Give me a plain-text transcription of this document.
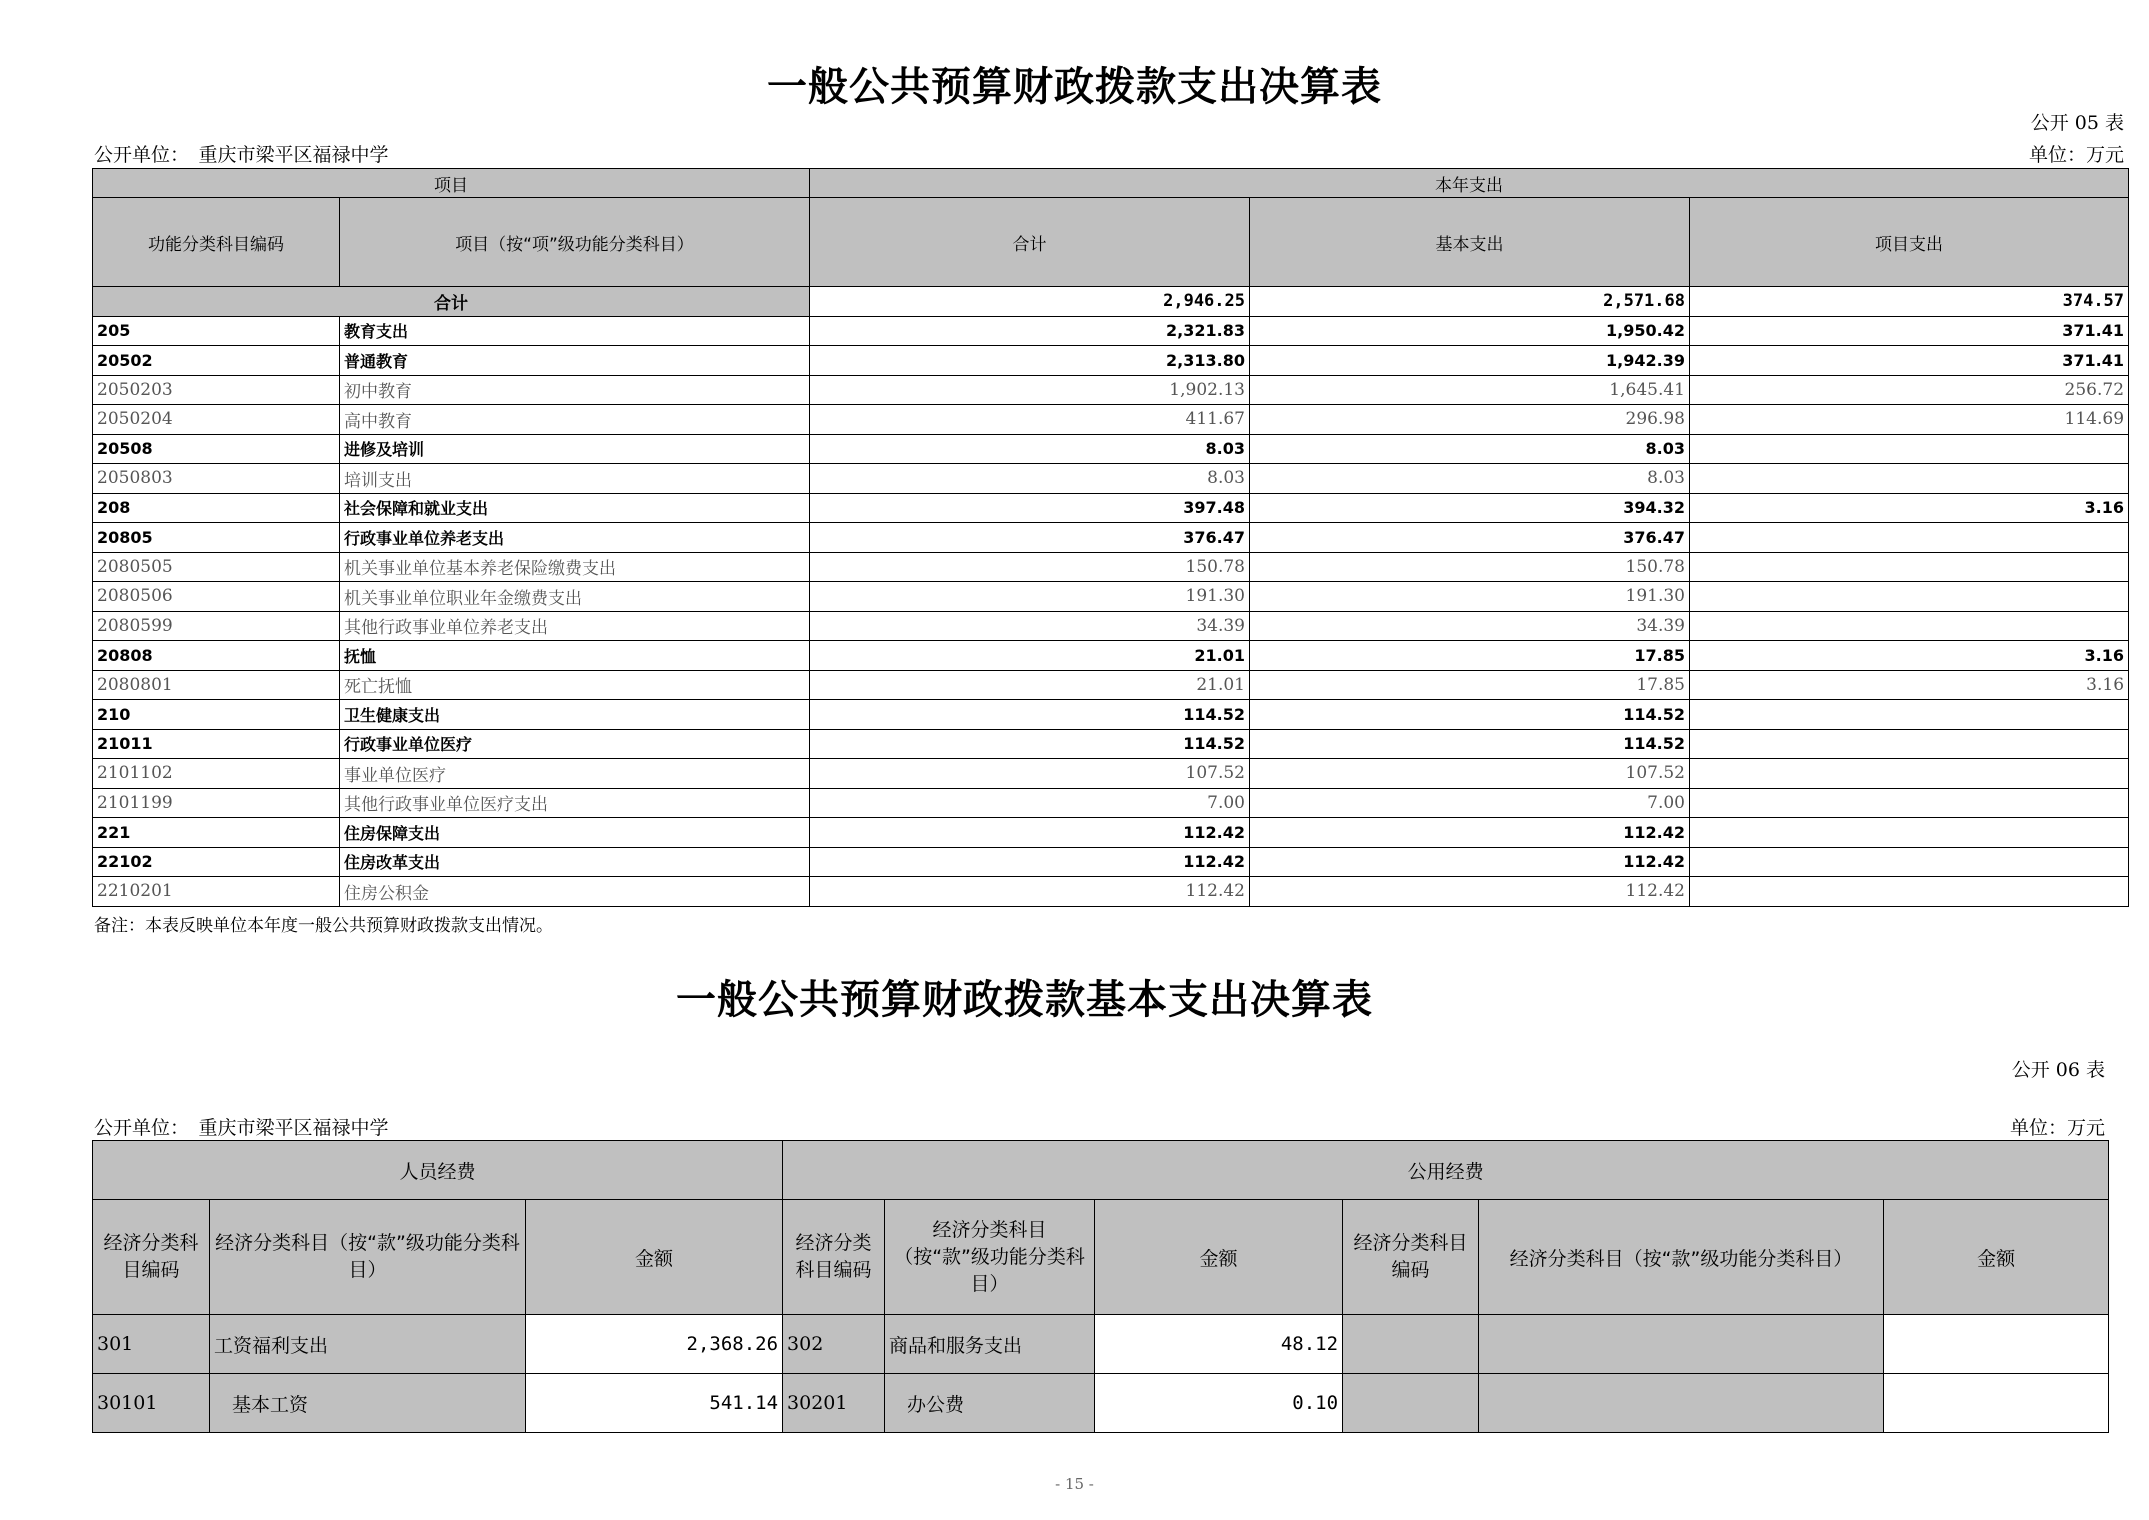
一般公共预算财政拨款支出决算表
公开 05 表
公开单位：　重庆市梁平区福禄中学	单位：万元
项目		本年支出		
功能分类科目编码	项目（按“项”级功能分类科目）	合计	基本支出	项目支出
合计		2,946.25	2,571.68	374.57
205	教育支出	2,321.83	1,950.42	371.41
20502	普通教育	2,313.80	1,942.39	371.41
2050203	初中教育	1,902.13	1,645.41	256.72
2050204	高中教育	411.67	296.98	114.69
20508	进修及培训	8.03	8.03	
2050803	培训支出	8.03	8.03	
208	社会保障和就业支出	397.48	394.32	3.16
20805	行政事业单位养老支出	376.47	376.47	
2080505	机关事业单位基本养老保险缴费支出	150.78	150.78	
2080506	机关事业单位职业年金缴费支出	191.30	191.30	
2080599	其他行政事业单位养老支出	34.39	34.39	
20808	抚恤	21.01	17.85	3.16
2080801	死亡抚恤	21.01	17.85	3.16
210	卫生健康支出	114.52	114.52	
21011	行政事业单位医疗	114.52	114.52	
2101102	事业单位医疗	107.52	107.52	
2101199	其他行政事业单位医疗支出	7.00	7.00	
221	住房保障支出	112.42	112.42	
22102	住房改革支出	112.42	112.42	
2210201	住房公积金	112.42	112.42	
备注：本表反映单位本年度一般公共预算财政拨款支出情况。
一般公共预算财政拨款基本支出决算表
公开 06 表
公开单位：　重庆市梁平区福禄中学	单位：万元
人员经费			公用经费					
经济分类科目编码	经济分类科目（按“款”级功能分类科目）	金额	经济分类科目编码	经济分类科目（按“款”级功能分类科目）	金额	经济分类科目编码	经济分类科目（按“款”级功能分类科目）	金额
301	工资福利支出	2,368.26	302	商品和服务支出	48.12			
30101	基本工资	541.14	30201	办公费	0.10			
- 15 -
